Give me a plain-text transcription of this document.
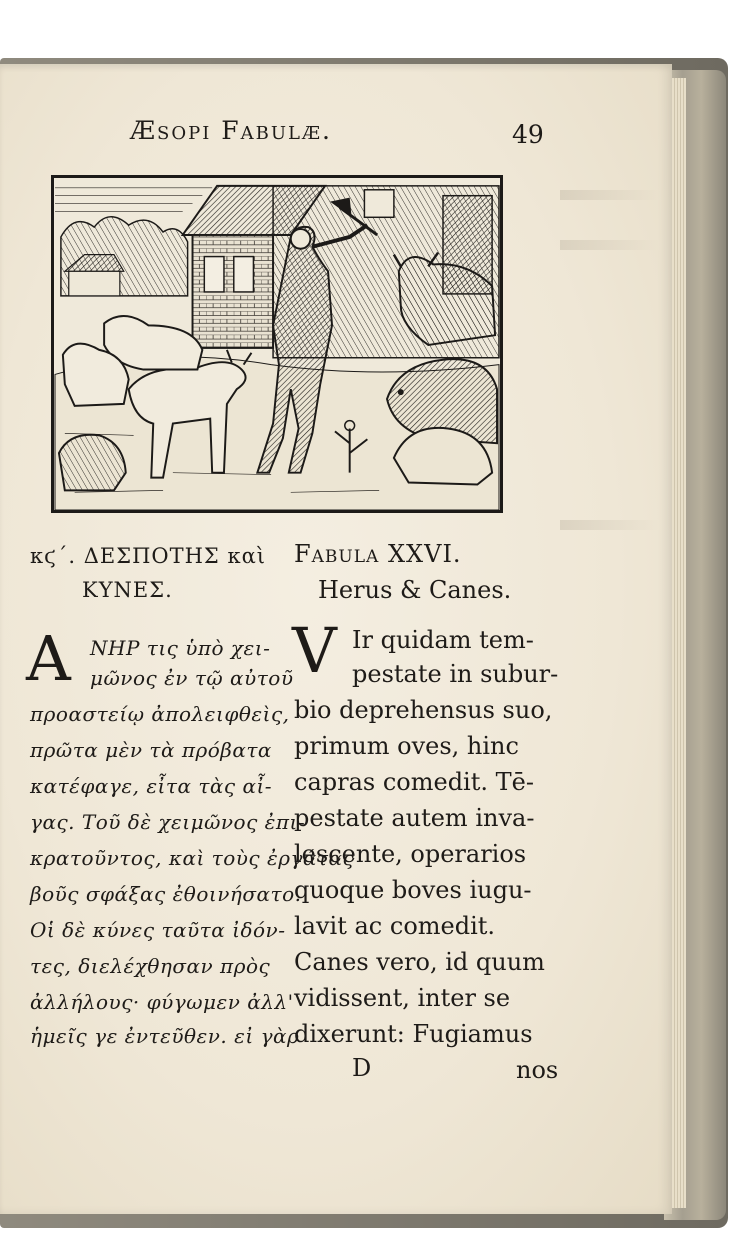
Æsopi Fabulæ.	49
κϛ΄. ΔΕΣΠΟΤΗΣ καὶ
ΚΥΝΕΣ.
Fabula XXVI.
Herus & Canes.
Α ΝΗΡ τις ὑπὸ χει-
μῶνος ἐν τῷ αὐτοῦ
προαστείῳ ἀπολειφθεὶς,
πρῶτα μὲν τὰ πρόβατα
κατέφαγε, εἶτα τὰς αἶ-
γας. Τοῦ δὲ χειμῶνος ἐπι-
κρατοῦντος, καὶ τοὺς ἐργάτας
βοῦς σφάξας ἐθοινήσατο.
Οἱ δὲ κύνες ταῦτα ἰδόν-
τες, διελέχθησαν πρὸς
ἀλλήλους· φύγωμεν ἀλλ'
ἡμεῖς γε ἐντεῦθεν. εἰ γὰρ
V Ir quidam tem-
pestate in subur-
bio deprehensus suo,
primum oves, hinc
capras comedit. Tē-
pestate autem inva-
lescente, operarios
quoque boves iugu-
lavit ac comedit.
Canes vero, id quum
vidissent, inter se
dixerunt: Fugiamus
D	nos
